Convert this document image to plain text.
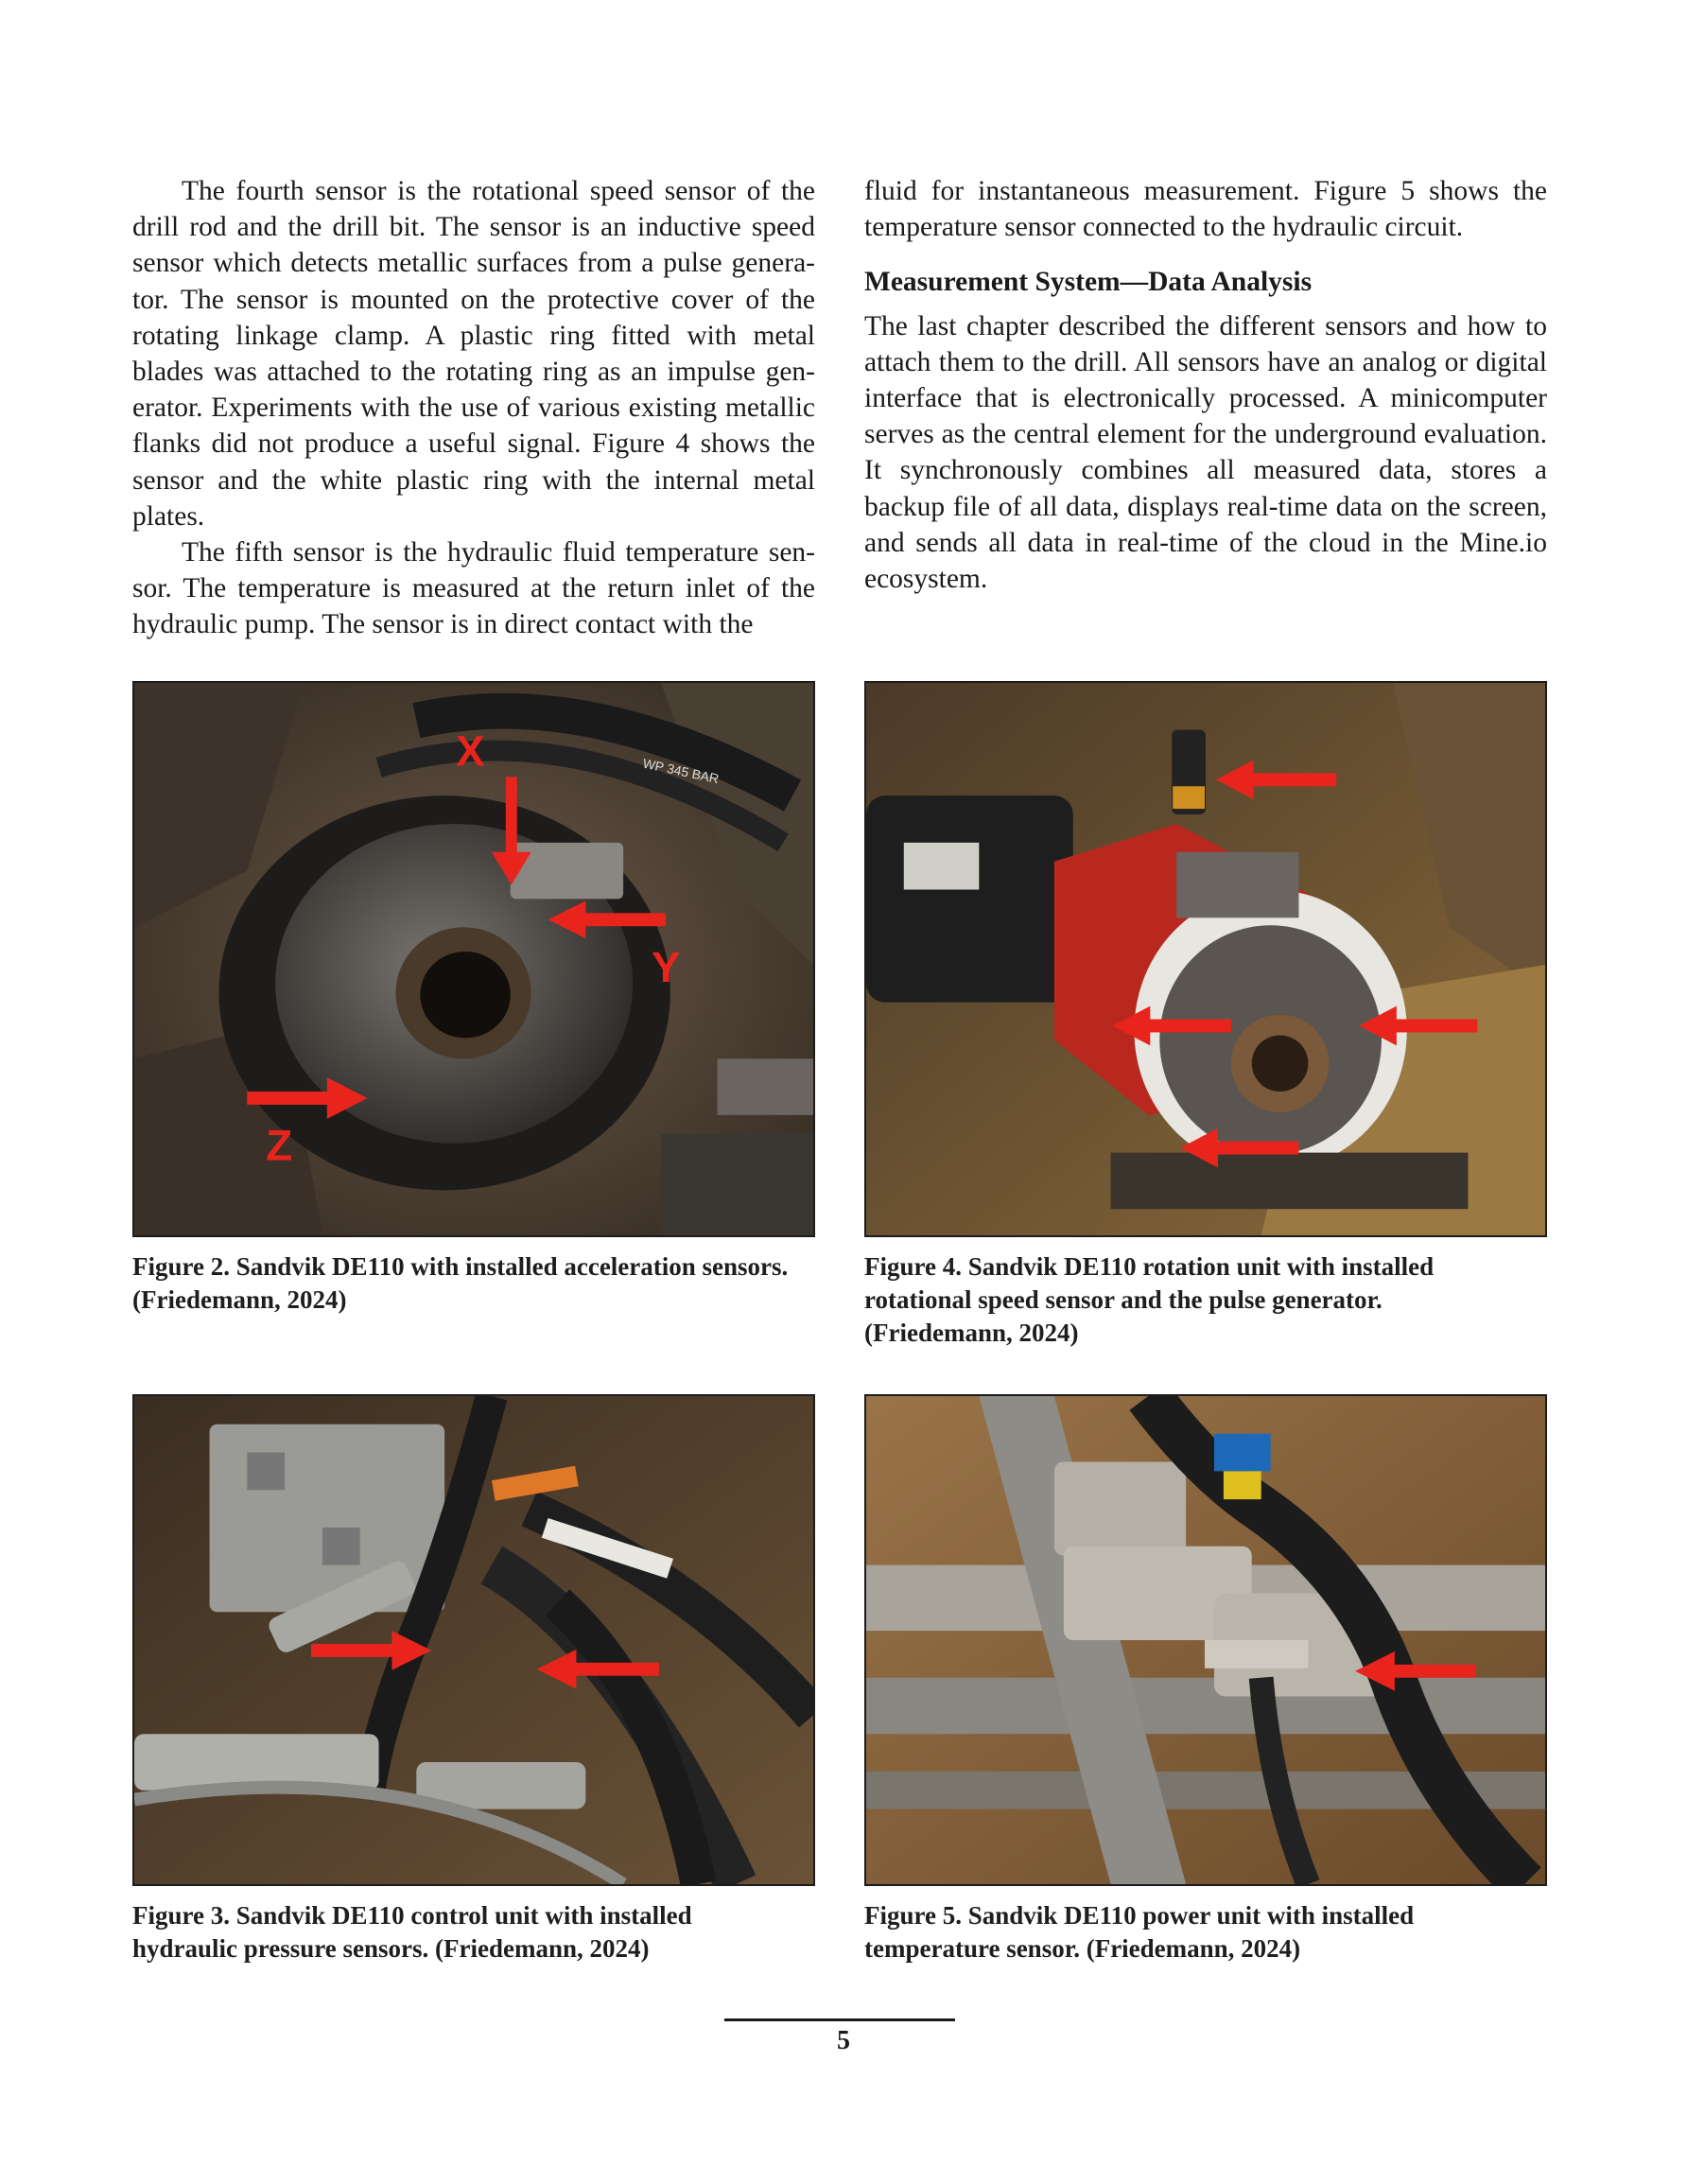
The fourth sensor is the rotational speed sensor of the drill rod and the drill bit. The sensor is an inductive speed sensor which detects metallic surfaces from a pulse generator. The sensor is mounted on the protective cover of the rotating linkage clamp. A plastic ring fitted with metal blades was attached to the rotating ring as an impulse generator. Experiments with the use of various existing metallic flanks did not produce a useful signal. Figure 4 shows the sensor and the white plastic ring with the internal metal plates.

The fifth sensor is the hydraulic fluid temperature sensor. The temperature is measured at the return inlet of the hydraulic pump. The sensor is in direct contact with the

fluid for instantaneous measurement. Figure 5 shows the temperature sensor connected to the hydraulic circuit.

Measurement System—Data Analysis

The last chapter described the different sensors and how to attach them to the drill. All sensors have an analog or digital interface that is electronically processed. A minicomputer serves as the central element for the underground evaluation. It synchronously combines all measured data, stores a backup file of all data, displays real-time data on the screen, and sends all data in real-time of the cloud in the Mine.io ecosystem.

X
Y
Z
WP 345 BAR
Figure 2. Sandvik DE110 with installed acceleration sensors.
(Friedemann, 2024)
Figure 4. Sandvik DE110 rotation unit with installed
rotational speed sensor and the pulse generator.
(Friedemann, 2024)
Figure 3. Sandvik DE110 control unit with installed
hydraulic pressure sensors. (Friedemann, 2024)
Figure 5. Sandvik DE110 power unit with installed
temperature sensor. (Friedemann, 2024)
5
